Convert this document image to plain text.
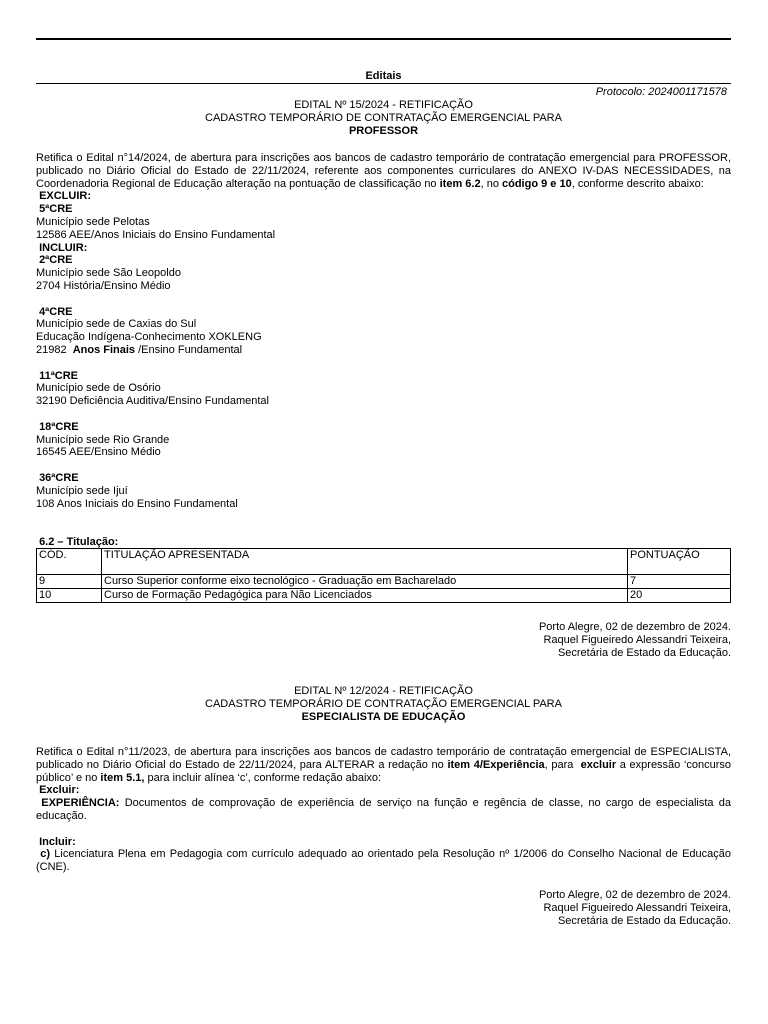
Editais
Protocolo: 2024001171578

EDITAL Nº 15/2024 - RETIFICAÇÃO

CADASTRO TEMPORÁRIO DE CONTRATAÇÃO EMERGENCIAL PARA

PROFESSOR

Retifica o Edital n°14/2024, de abertura para inscrições aos bancos de cadastro temporário de contratação emergencial para PROFESSOR, publicado no Diário Oficial do Estado de 22/11/2024, referente aos componentes curriculares do ANEXO IV-DAS NECESSIDADES, na Coordenadoria Regional de Educação alteração na pontuação de classificação no item 6.2, no código 9 e 10, conforme descrito abaixo:

EXCLUIR:

5ªCRE

Município sede Pelotas

12586 AEE/Anos Iniciais do Ensino Fundamental

INCLUIR:

2ªCRE

Município sede São Leopoldo

2704 História/Ensino Médio

4ªCRE

Município sede de Caxias do Sul

Educação Indígena-Conhecimento XOKLENG

21982  Anos Finais /Ensino Fundamental

11ªCRE

Município sede de Osório

32190 Deficiência Auditiva/Ensino Fundamental

18ªCRE

Município sede Rio Grande

16545 AEE/Ensino Médio

36ªCRE

Município sede Ijuí

108 Anos Iniciais do Ensino Fundamental

6.2 – Titulação:
CÓD.	TITULAÇÃO APRESENTADA	PONTUAÇÃO
9	Curso Superior conforme eixo tecnológico - Graduação em Bacharelado	7
10	Curso de Formação Pedagógica para Não Licenciados	20

Porto Alegre, 02 de dezembro de 2024.

Raquel Figueiredo Alessandri Teixeira,

Secretária de Estado da Educação.

EDITAL Nº 12/2024 - RETIFICAÇÃO

CADASTRO TEMPORÁRIO DE CONTRATAÇÃO EMERGENCIAL PARA

ESPECIALISTA DE EDUCAÇÃO

Retifica o Edital n°11/2023, de abertura para inscrições aos bancos de cadastro temporário de contratação emergencial de ESPECIALISTA, publicado no Diário Oficial do Estado de 22/11/2024, para ALTERAR a redação no item 4/Experiência, para  excluir a expressão ‘concurso público’ e no item 5.1, para incluir alínea ‘c’, conforme redação abaixo:

Excluir:

EXPERIÊNCIA: Documentos de comprovação de experiência de serviço na função e regência de classe, no cargo de especialista da educação.

Incluir:

c) Licenciatura Plena em Pedagogia com currículo adequado ao orientado pela Resolução nº 1/2006 do Conselho Nacional de Educação (CNE).

Porto Alegre, 02 de dezembro de 2024.

Raquel Figueiredo Alessandri Teixeira,

Secretária de Estado da Educação.
